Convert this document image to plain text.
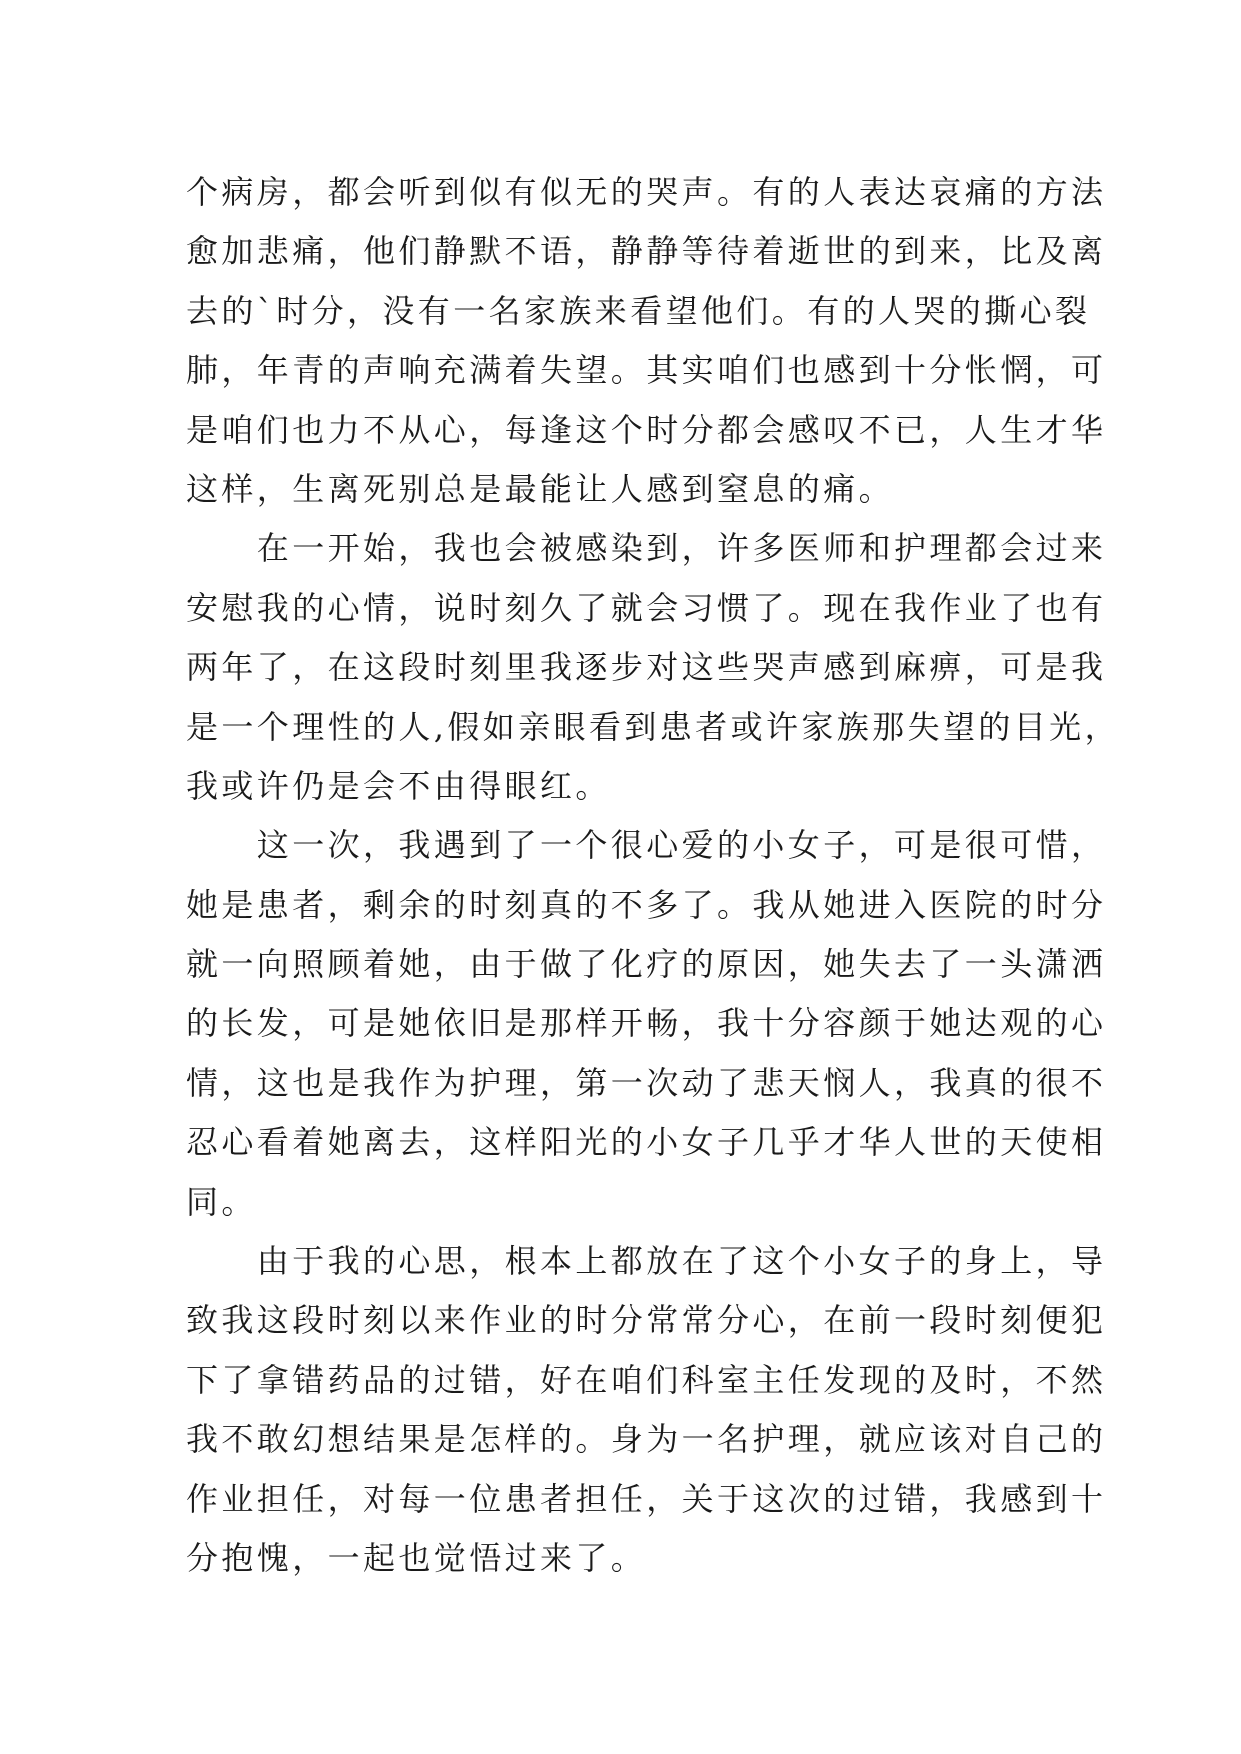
个病房，都会听到似有似无的哭声。有的人表达哀痛的方法
愈加悲痛，他们静默不语，静静等待着逝世的到来，比及离
去的`时分，没有一名家族来看望他们。有的人哭的撕心裂
肺，年青的声响充满着失望。其实咱们也感到十分怅惘，可
是咱们也力不从心，每逢这个时分都会感叹不已，人生才华
这样，生离死别总是最能让人感到窒息的痛。
　　在一开始，我也会被感染到，许多医师和护理都会过来
安慰我的心情，说时刻久了就会习惯了。现在我作业了也有
两年了，在这段时刻里我逐步对这些哭声感到麻痹，可是我
是一个理性的人,假如亲眼看到患者或许家族那失望的目光，
我或许仍是会不由得眼红。
　　这一次，我遇到了一个很心爱的小女子，可是很可惜，
她是患者，剩余的时刻真的不多了。我从她进入医院的时分
就一向照顾着她，由于做了化疗的原因，她失去了一头潇洒
的长发，可是她依旧是那样开畅，我十分容颜于她达观的心
情，这也是我作为护理，第一次动了悲天悯人，我真的很不
忍心看着她离去，这样阳光的小女子几乎才华人世的天使相
同。
　　由于我的心思，根本上都放在了这个小女子的身上，导
致我这段时刻以来作业的时分常常分心，在前一段时刻便犯
下了拿错药品的过错，好在咱们科室主任发现的及时，不然
我不敢幻想结果是怎样的。身为一名护理，就应该对自己的
作业担任，对每一位患者担任，关于这次的过错，我感到十
分抱愧，一起也觉悟过来了。
